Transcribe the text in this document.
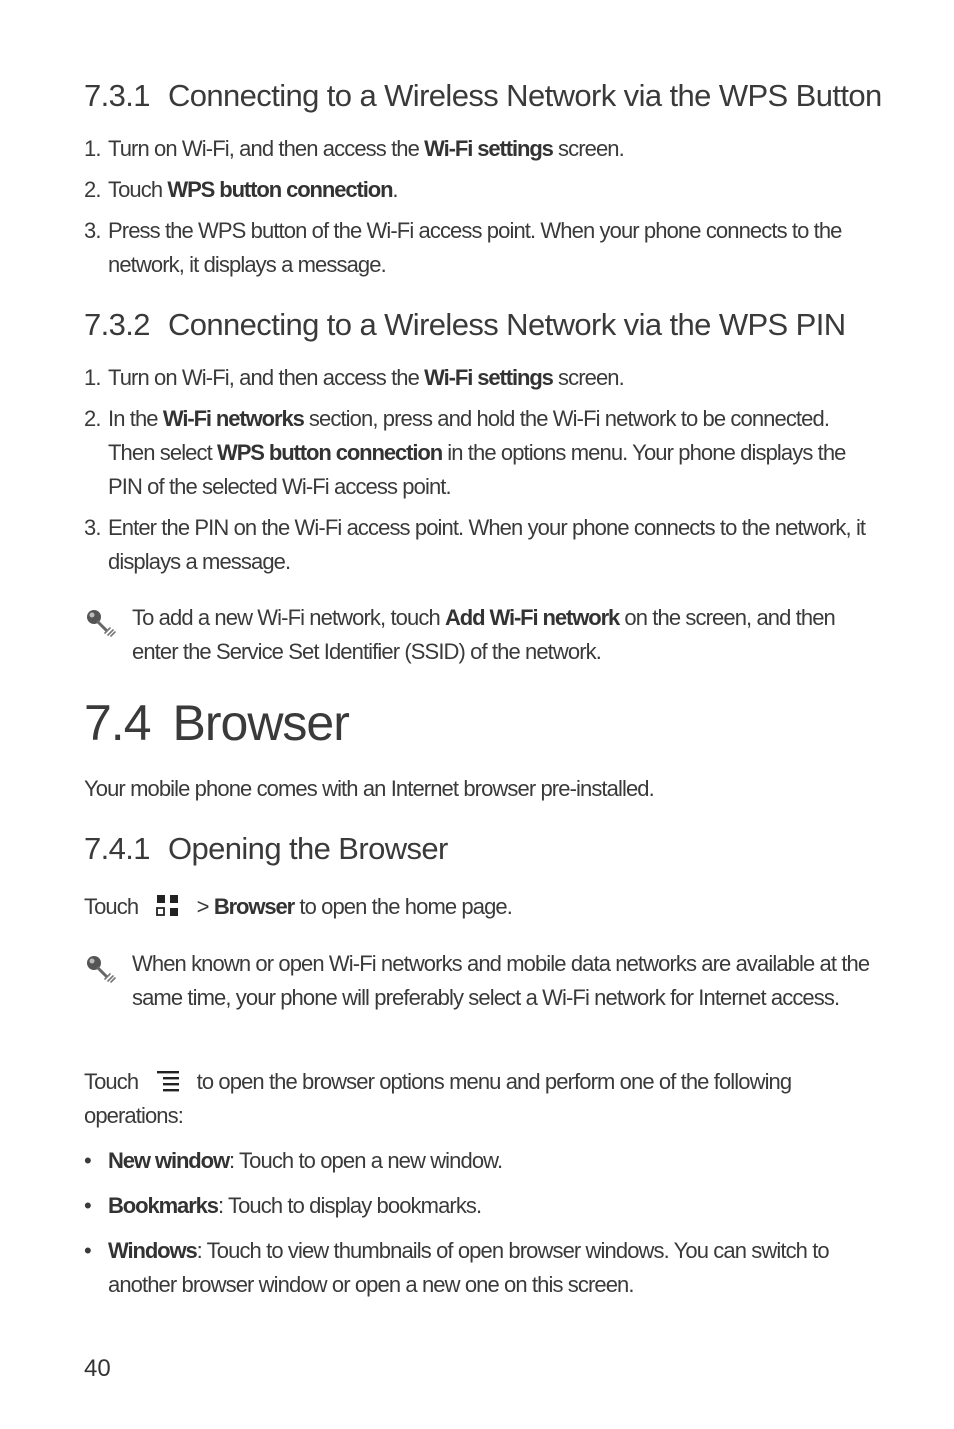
7.3.1 Connecting to a Wireless Network via the WPS Button
1. Turn on Wi-Fi, and then access the Wi-Fi settings screen.
2. Touch WPS button connection.
3. Press the WPS button of the Wi-Fi access point. When your phone connects to the network, it displays a message.
7.3.2 Connecting to a Wireless Network via the WPS PIN
1. Turn on Wi-Fi, and then access the Wi-Fi settings screen.
2. In the Wi-Fi networks section, press and hold the Wi-Fi network to be connected. Then select WPS button connection in the options menu. Your phone displays the PIN of the selected Wi-Fi access point.
3. Enter the PIN on the Wi-Fi access point. When your phone connects to the network, it displays a message.
To add a new Wi-Fi network, touch Add Wi-Fi network on the screen, and then enter the Service Set Identifier (SSID) of the network.
7.4 Browser

Your mobile phone comes with an Internet browser pre-installed.

7.4.1 Opening the Browser

Touch  > Browser to open the home page.

When known or open Wi-Fi networks and mobile data networks are available at the same time, your phone will preferably select a Wi-Fi network for Internet access.

Touch  to open the browser options menu and perform one of the following operations:

• New window: Touch to open a new window.
• Bookmarks: Touch to display bookmarks.
• Windows: Touch to view thumbnails of open browser windows. You can switch to another browser window or open a new one on this screen.
40
